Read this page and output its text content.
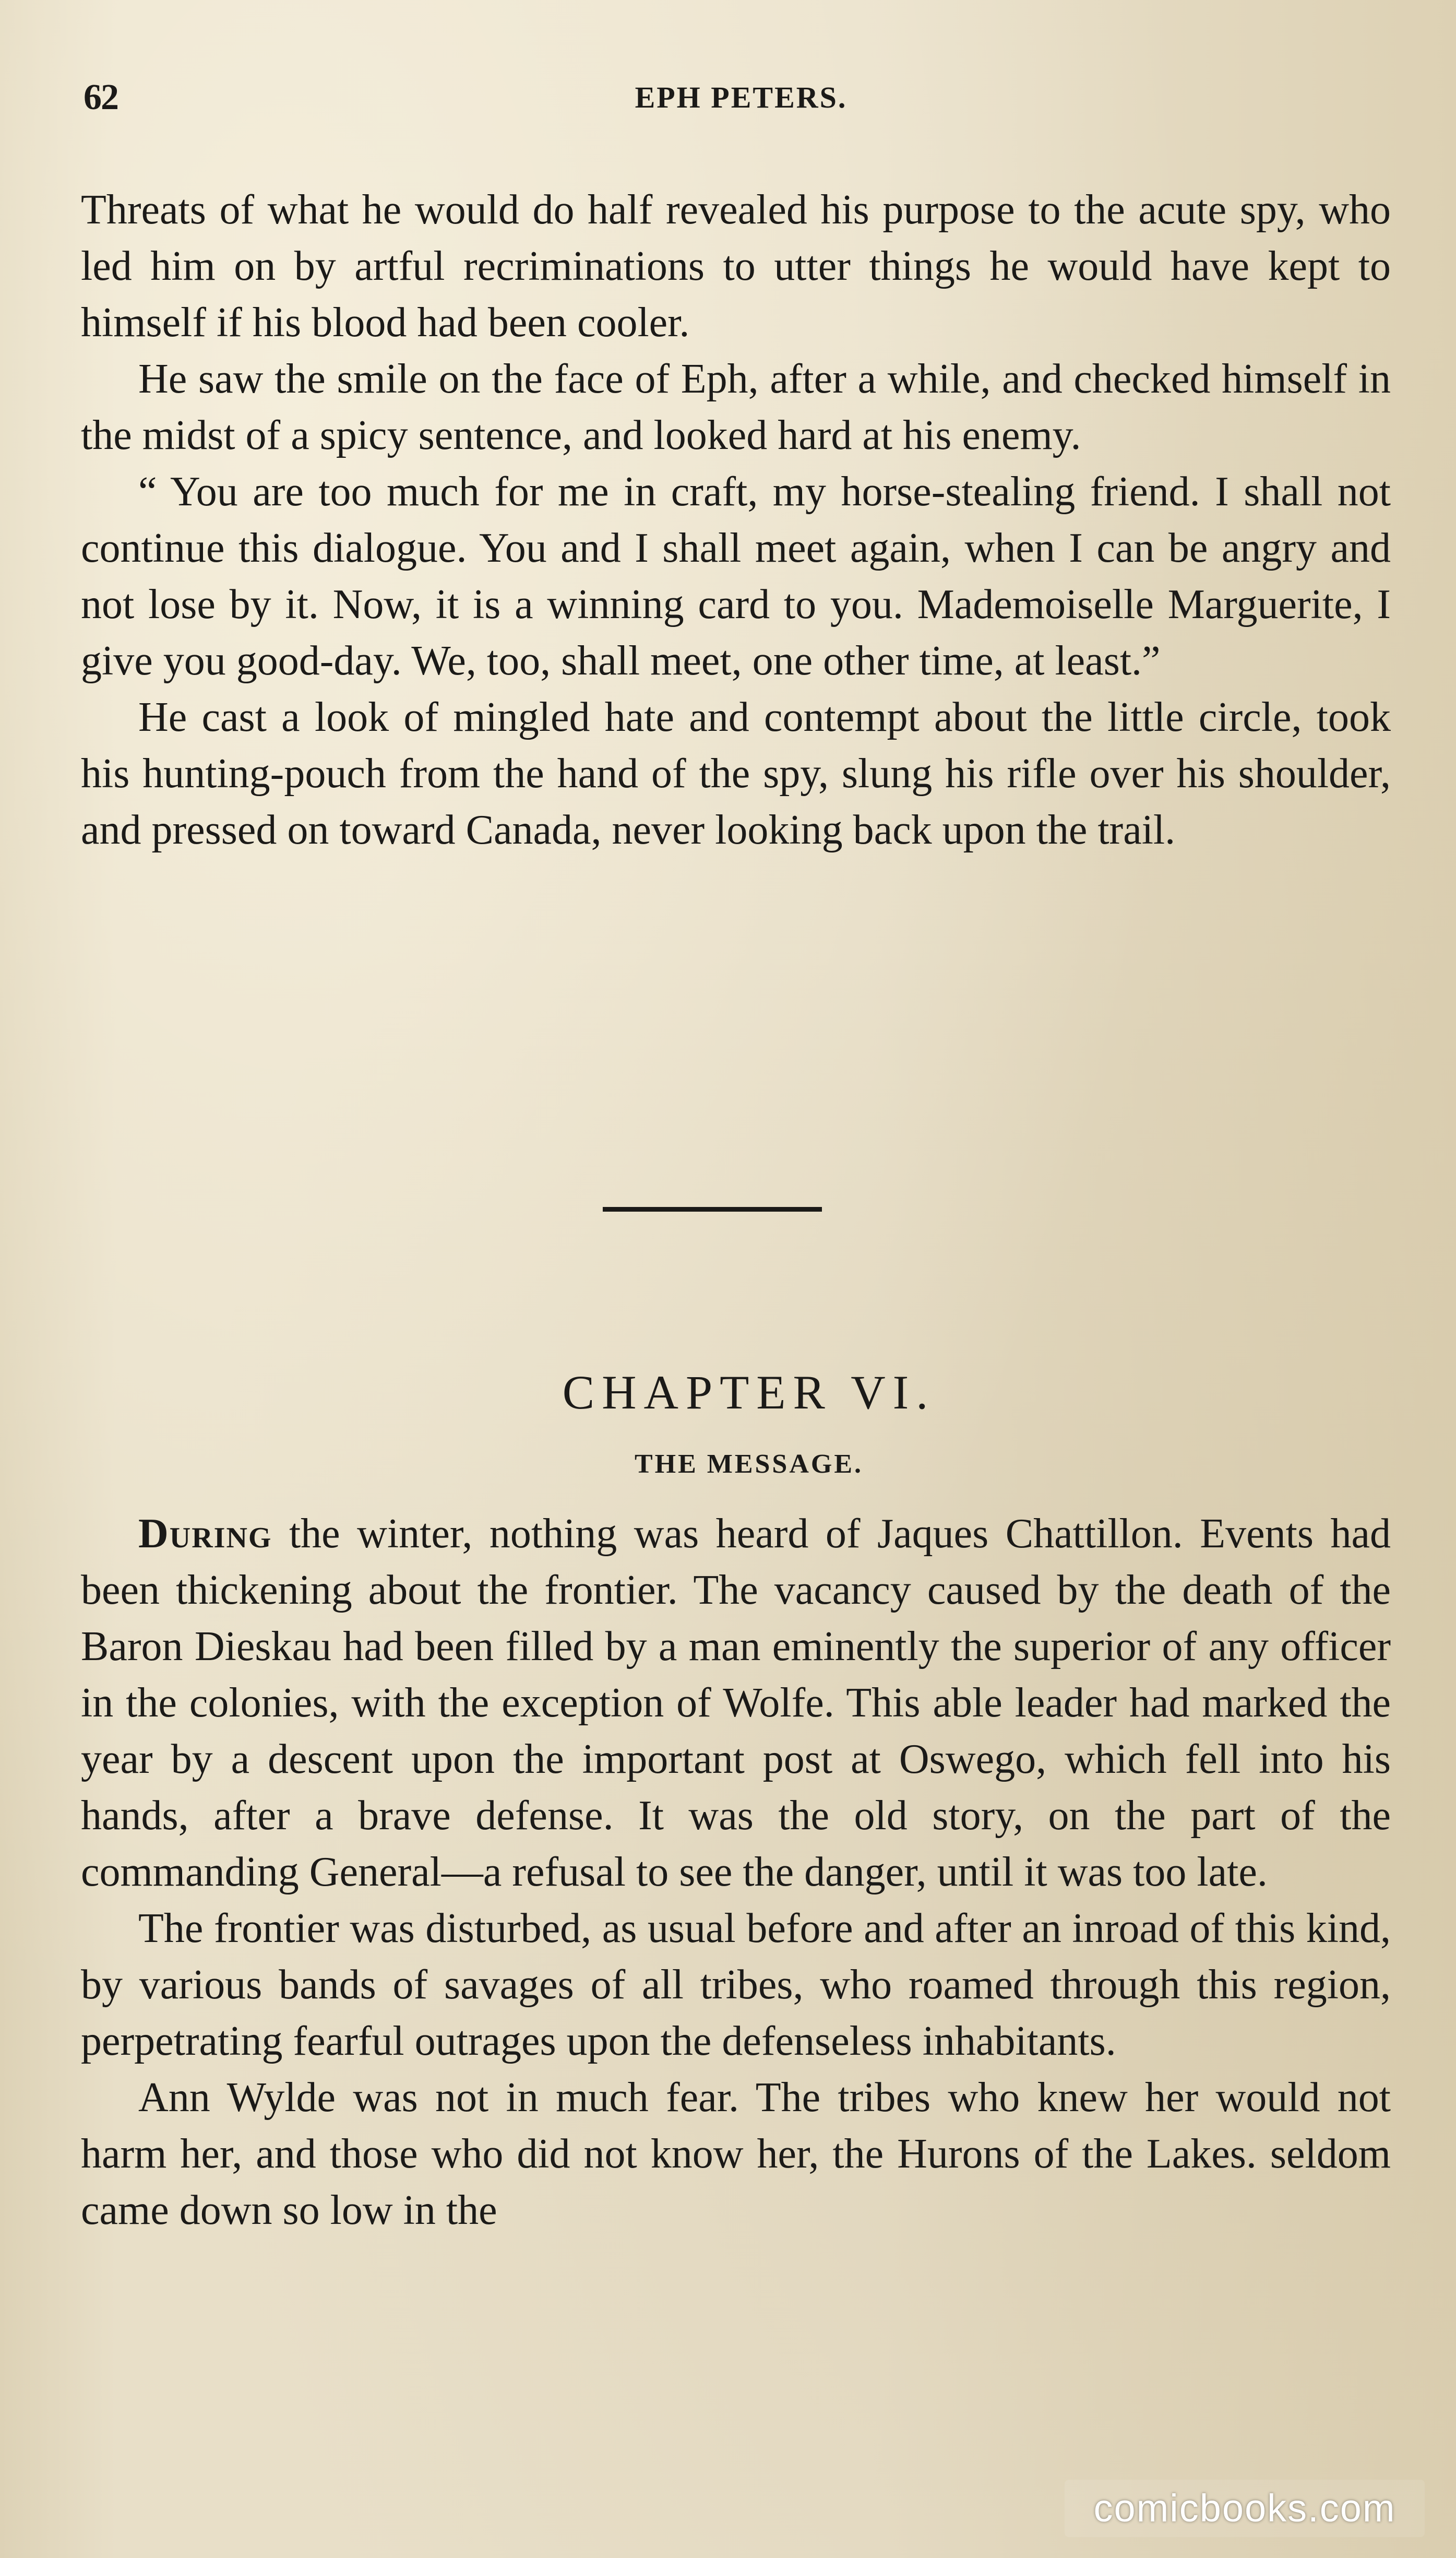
62	EPH PETERS.

Threats of what he would do half revealed his purpose to the acute spy, who led him on by artful recriminations to utter things he would have kept to himself if his blood had been cooler.

He saw the smile on the face of Eph, after a while, and checked himself in the midst of a spicy sentence, and looked hard at his enemy.

“ You are too much for me in craft, my horse-stealing friend. I shall not continue this dialogue. You and I shall meet again, when I can be angry and not lose by it. Now, it is a winning card to you. Mademoiselle Marguerite, I give you good-day. We, too, shall meet, one other time, at least.”

He cast a look of mingled hate and contempt about the little circle, took his hunting-pouch from the hand of the spy, slung his rifle over his shoulder, and pressed on toward Canada, never looking back upon the trail.

CHAPTER VI.
THE MESSAGE.

During the winter, nothing was heard of Jaques Chattillon. Events had been thickening about the frontier. The vacancy caused by the death of the Baron Dieskau had been filled by a man eminently the superior of any officer in the colonies, with the exception of Wolfe. This able leader had marked the year by a descent upon the important post at Oswego, which fell into his hands, after a brave defense. It was the old story, on the part of the commanding General—a refusal to see the danger, until it was too late.

The frontier was disturbed, as usual before and after an inroad of this kind, by various bands of savages of all tribes, who roamed through this region, perpetrating fearful outrages upon the defenseless inhabitants.

Ann Wylde was not in much fear. The tribes who knew her would not harm her, and those who did not know her, the Hurons of the Lakes. seldom came down so low in the

comicbooks.com
